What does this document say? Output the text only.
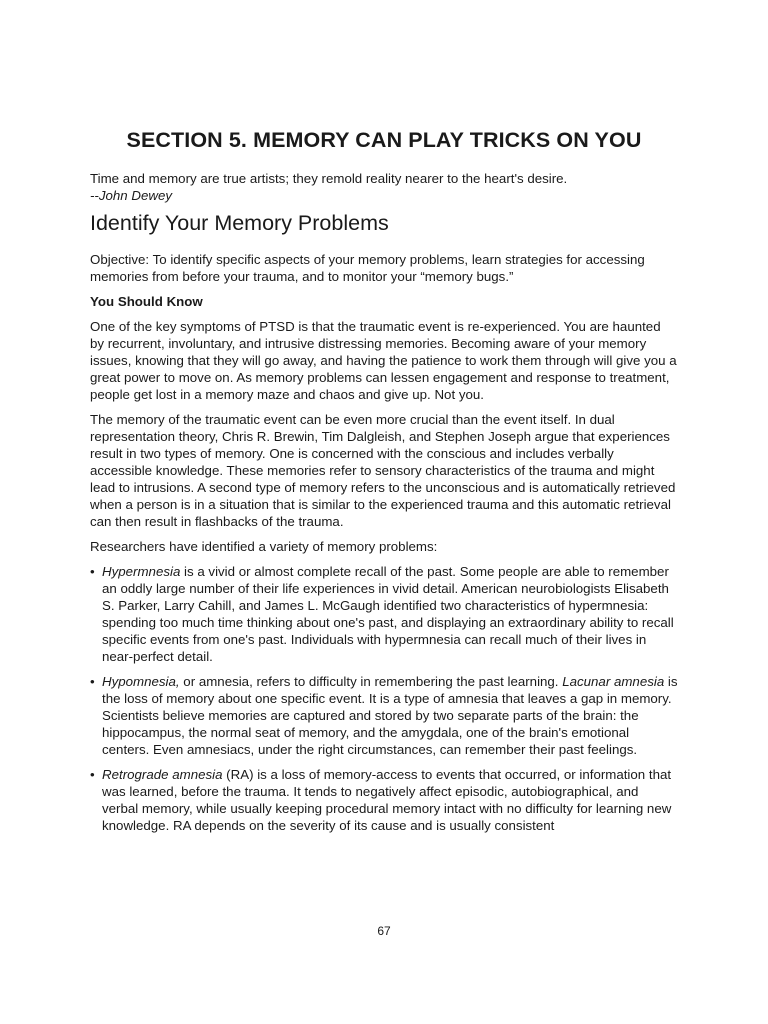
SECTION 5. MEMORY CAN PLAY TRICKS ON YOU
Time and memory are true artists; they remold reality nearer to the heart's desire.
--John Dewey
Identify Your Memory Problems

Objective: To identify specific aspects of your memory problems, learn strategies for accessing memories from before your trauma, and to monitor your “memory bugs.”

You Should Know

One of the key symptoms of PTSD is that the traumatic event is re-experienced. You are haunted by recurrent, involuntary, and intrusive distressing memories. Becoming aware of your memory issues, knowing that they will go away, and having the patience to work them through will give you a great power to move on. As memory problems can lessen engagement and response to treatment, people get lost in a memory maze and chaos and give up. Not you.

The memory of the traumatic event can be even more crucial than the event itself. In dual representation theory, Chris R. Brewin, Tim Dalgleish, and Stephen Joseph argue that experiences result in two types of memory. One is concerned with the conscious and includes verbally accessible knowledge. These memories refer to sensory characteristics of the trauma and might lead to intrusions. A second type of memory refers to the unconscious and is automatically retrieved when a person is in a situation that is similar to the experienced trauma and this automatic retrieval can then result in flashbacks of the trauma.

Researchers have identified a variety of memory problems:

• Hypermnesia is a vivid or almost complete recall of the past. Some people are able to remember an oddly large number of their life experiences in vivid detail. American neurobiologists Elisabeth S. Parker, Larry Cahill, and James L. McGaugh identified two characteristics of hypermnesia: spending too much time thinking about one's past, and displaying an extraordinary ability to recall specific events from one's past. Individuals with hypermnesia can recall much of their lives in near-perfect detail.
• Hypomnesia, or amnesia, refers to difficulty in remembering the past learning. Lacunar amnesia is the loss of memory about one specific event. It is a type of amnesia that leaves a gap in memory. Scientists believe memories are captured and stored by two separate parts of the brain: the hippocampus, the normal seat of memory, and the amygdala, one of the brain's emotional centers. Even amnesiacs, under the right circumstances, can remember their past feelings.
• Retrograde amnesia (RA) is a loss of memory-access to events that occurred, or information that was learned, before the trauma. It tends to negatively affect episodic, autobiographical, and verbal memory, while usually keeping procedural memory intact with no difficulty for learning new knowledge. RA depends on the severity of its cause and is usually consistent
67
